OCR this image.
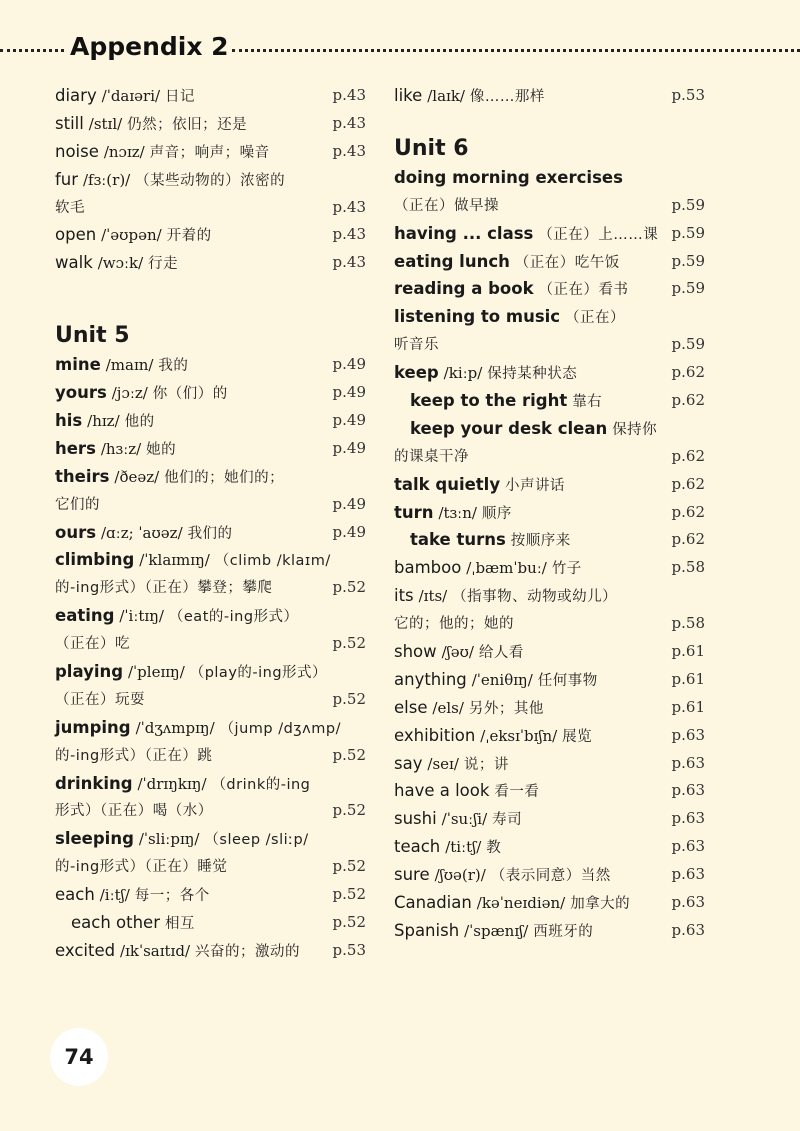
Appendix 2
diary /ˈdaɪəri/ 日记	p.43
still /stɪl/ 仍然；依旧；还是	p.43
noise /nɔɪz/ 声音；响声；噪音	p.43
fur /fɜː(r)/ （某些动物的）浓密的
软毛	p.43
open /ˈəʊpən/ 开着的	p.43
walk /wɔːk/ 行走	p.43
Unit 5
mine /maɪn/ 我的	p.49
yours /jɔːz/ 你（们）的	p.49
his /hɪz/ 他的	p.49
hers /hɜːz/ 她的	p.49
theirs /ðeəz/ 他们的；她们的；
它们的	p.49
ours /ɑːz; ˈaʊəz/ 我们的	p.49
climbing /ˈklaɪmɪŋ/ （climb /klaɪm/
的-ing形式）（正在）攀登；攀爬	p.52
eating /ˈiːtɪŋ/ （eat的-ing形式）
（正在）吃	p.52
playing /ˈpleɪɪŋ/ （play的-ing形式）
（正在）玩耍	p.52
jumping /ˈdʒʌmpɪŋ/ （jump /dʒʌmp/
的-ing形式）（正在）跳	p.52
drinking /ˈdrɪŋkɪŋ/ （drink的-ing
形式）（正在）喝（水）	p.52
sleeping /ˈsliːpɪŋ/ （sleep /sliːp/
的-ing形式）（正在）睡觉	p.52
each /iːtʃ/ 每一；各个	p.52
each other 相互	p.52
excited /ɪkˈsaɪtɪd/ 兴奋的；激动的 p.53
like /laɪk/ 像……那样	p.53
Unit 6
doing morning exercises
（正在）做早操	p.59
having ... class （正在）上……课 p.59
eating lunch （正在）吃午饭	p.59
reading a book （正在）看书	p.59
listening to music （正在）
听音乐	p.59
keep /kiːp/ 保持某种状态	p.62
keep to the right 靠右	p.62
keep your desk clean 保持你
的课桌干净	p.62
talk quietly 小声讲话	p.62
turn /tɜːn/ 顺序	p.62
take turns 按顺序来	p.62
bamboo /ˌbæmˈbuː/ 竹子	p.58
its /ɪts/ （指事物、动物或幼儿）
它的；他的；她的	p.58
show /ʃəʊ/ 给人看	p.61
anything /ˈeniθɪŋ/ 任何事物	p.61
else /els/ 另外；其他	p.61
exhibition /ˌeksɪˈbɪʃn/ 展览	p.63
say /seɪ/ 说；讲	p.63
have a look 看一看	p.63
sushi /ˈsuːʃi/ 寿司	p.63
teach /tiːtʃ/ 教	p.63
sure /ʃʊə(r)/ （表示同意）当然	p.63
Canadian /kəˈneɪdiən/ 加拿大的	p.63
Spanish /ˈspænɪʃ/ 西班牙的	p.63
74
